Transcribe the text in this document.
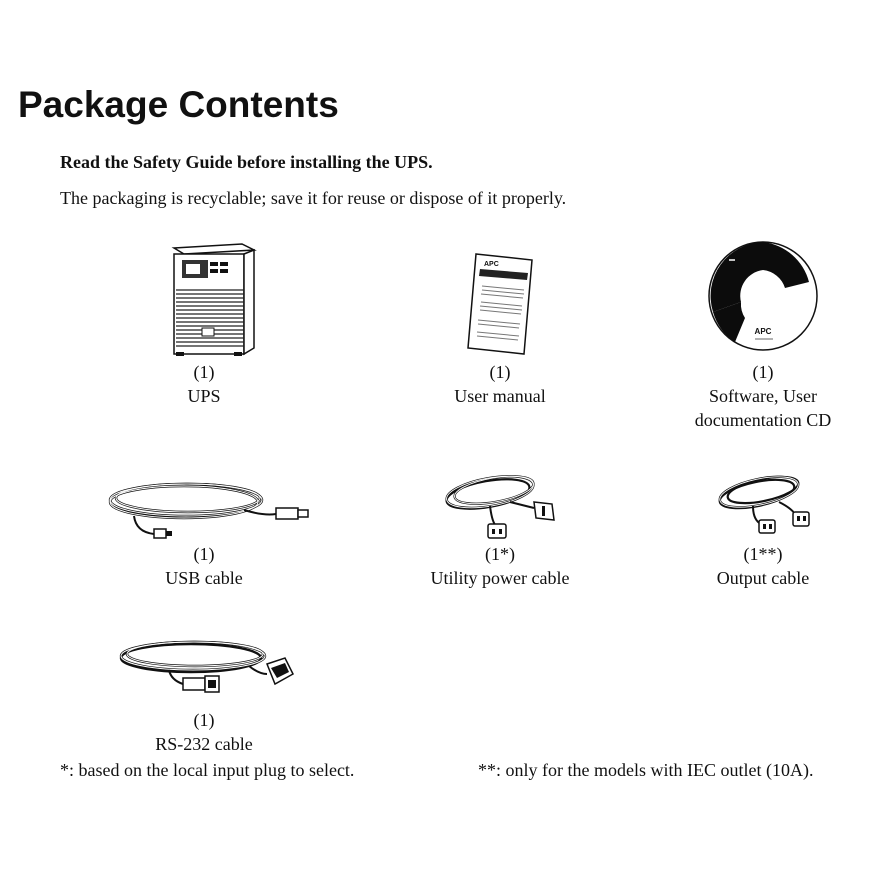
Package Contents
Read the Safety Guide before installing the UPS.
The packaging is recyclable; save it for reuse or dispose of it properly.
(1)
UPS
APC
(1)
User manual
APC
(1)
Software, User
documentation CD
(1)
USB cable
(1*)
Utility power cable
(1**)
Output cable
(1)
RS-232 cable
*: based on the local input plug to select.	**: only for the models with IEC outlet (10A).
